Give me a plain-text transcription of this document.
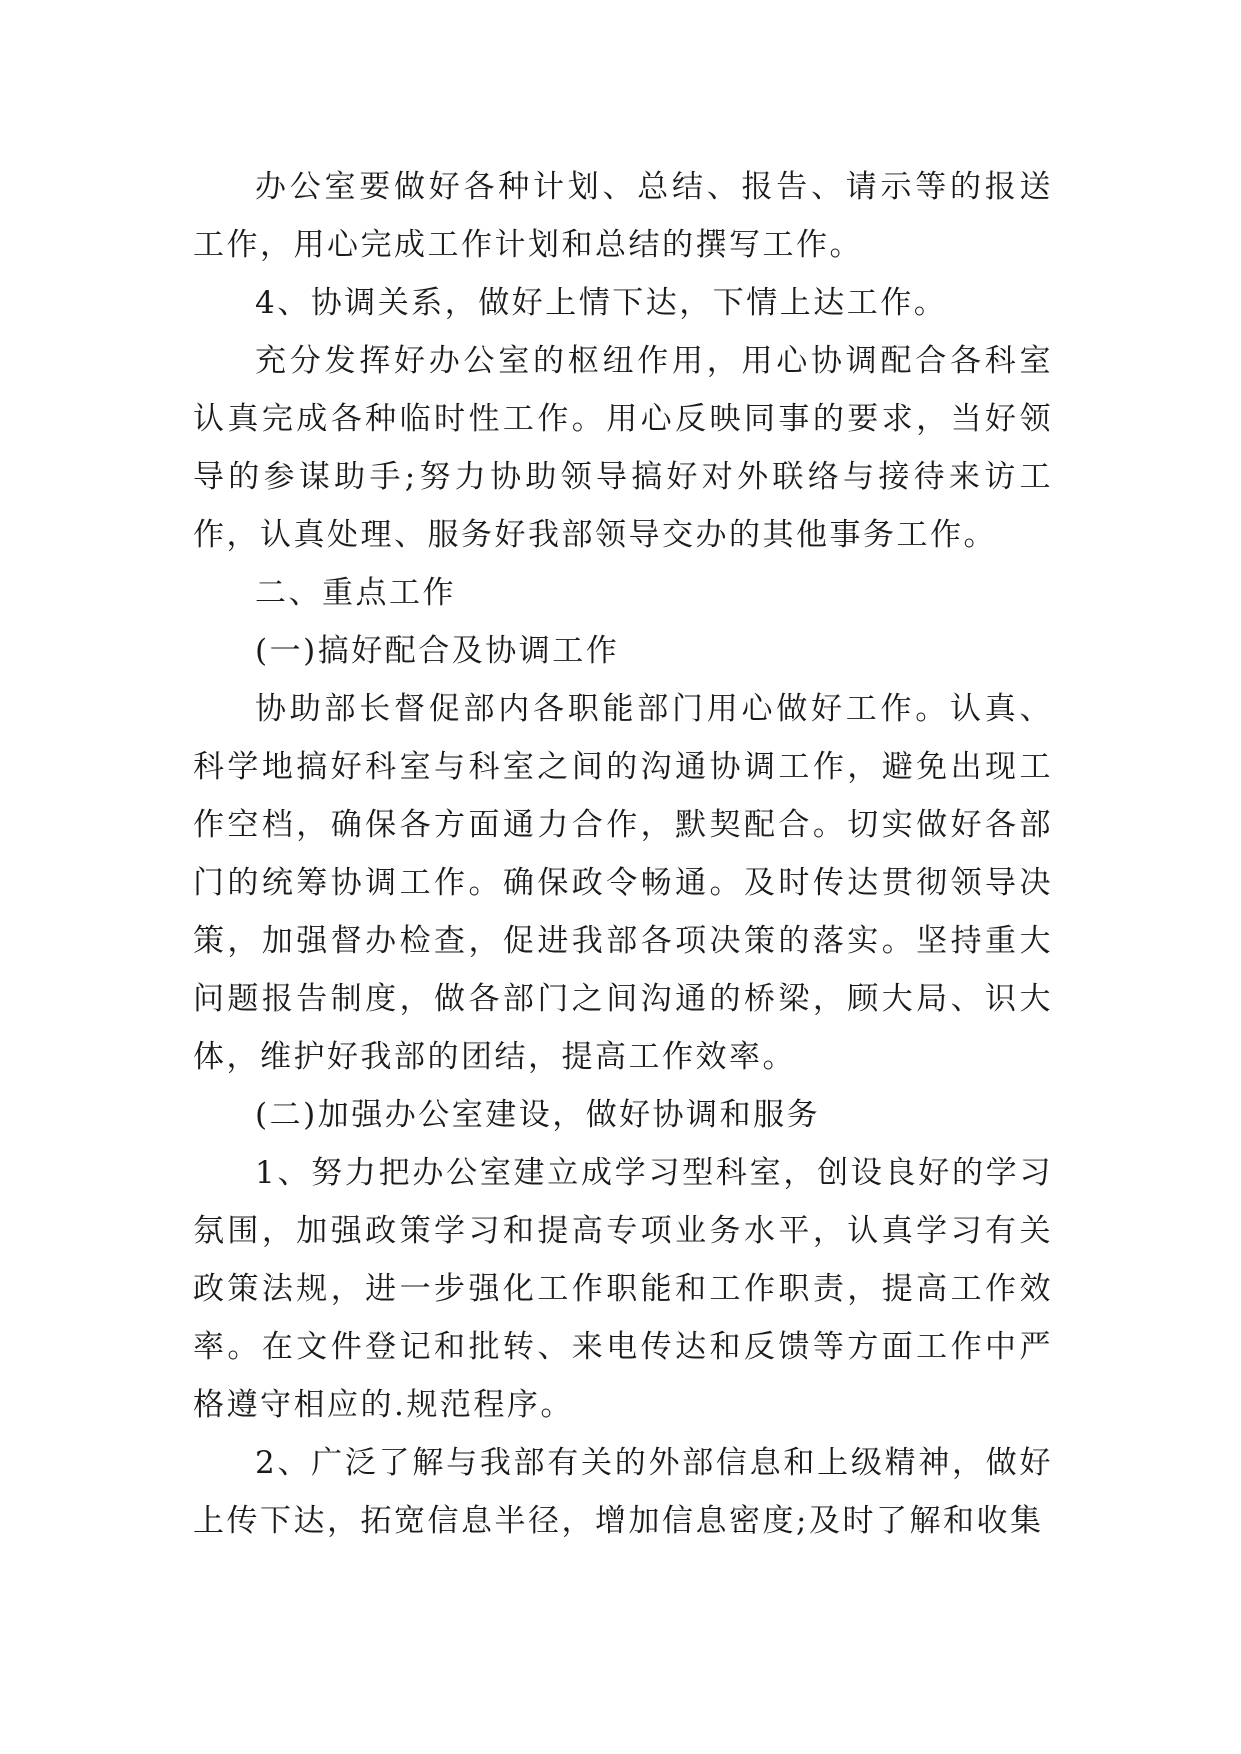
办公室要做好各种计划、总结、报告、请示等的报送工作，用心完成工作计划和总结的撰写工作。

4、协调关系，做好上情下达，下情上达工作。

充分发挥好办公室的枢纽作用，用心协调配合各科室认真完成各种临时性工作。用心反映同事的要求，当好领导的参谋助手;努力协助领导搞好对外联络与接待来访工作，认真处理、服务好我部领导交办的其他事务工作。

二、重点工作

(一)搞好配合及协调工作

协助部长督促部内各职能部门用心做好工作。认真、科学地搞好科室与科室之间的沟通协调工作，避免出现工作空档，确保各方面通力合作，默契配合。切实做好各部门的统筹协调工作。确保政令畅通。及时传达贯彻领导决策，加强督办检查，促进我部各项决策的落实。坚持重大问题报告制度，做各部门之间沟通的桥梁，顾大局、识大体，维护好我部的团结，提高工作效率。

(二)加强办公室建设，做好协调和服务

1、努力把办公室建立成学习型科室，创设良好的学习氛围，加强政策学习和提高专项业务水平，认真学习有关政策法规，进一步强化工作职能和工作职责，提高工作效率。在文件登记和批转、来电传达和反馈等方面工作中严格遵守相应的.规范程序。

2、广泛了解与我部有关的外部信息和上级精神，做好上传下达，拓宽信息半径，增加信息密度;及时了解和收集
